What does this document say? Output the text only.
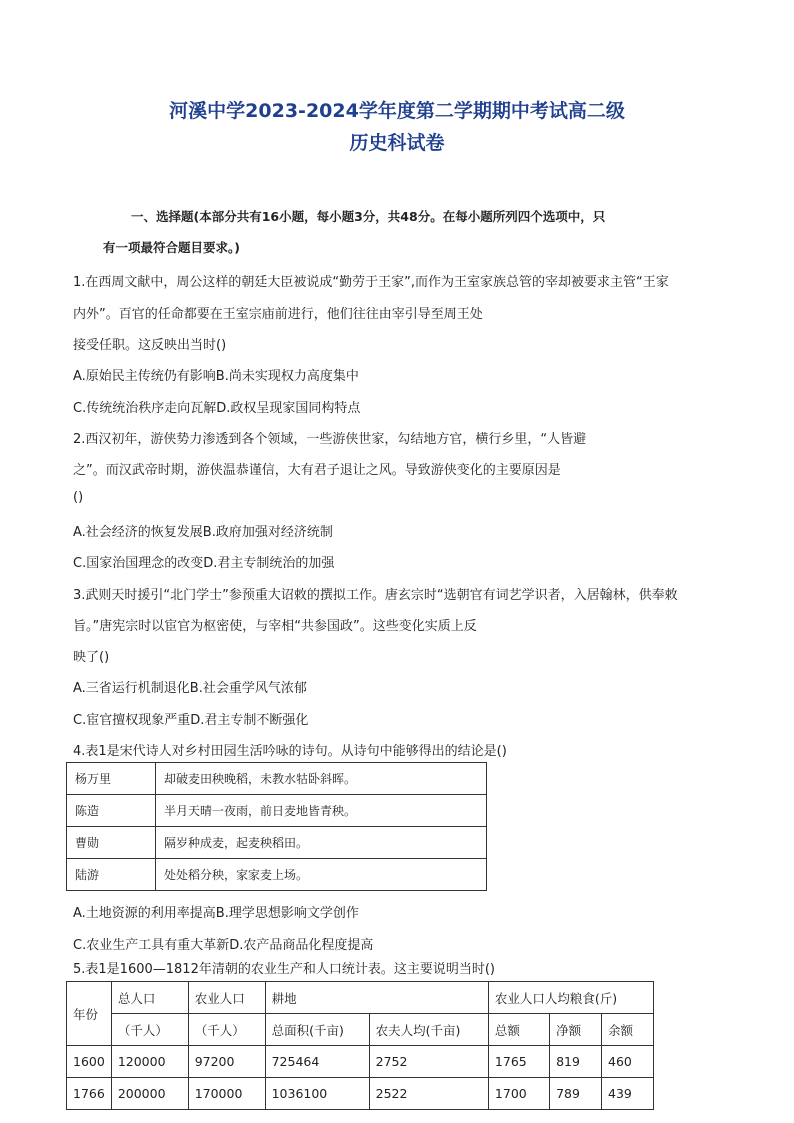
河溪中学2023-2024学年度第二学期期中考试高二级
历史科试卷
一、选择题(本部分共有16小题，每小题3分，共48分。在每小题所列四个选项中，只
有一项最符合题目要求。)
1.在西周文献中，周公这样的朝廷大臣被说成“勤劳于王家”,而作为王室家族总管的宰却被要求主管“王家
内外”。百官的任命都要在王室宗庙前进行，他们往往由宰引导至周王处
接受任职。这反映出当时()
A.原始民主传统仍有影响B.尚未实现权力高度集中
C.传统统治秩序走向瓦解D.政权呈现家国同构特点
2.西汉初年，游侠势力渗透到各个领域，一些游侠世家，勾结地方官，横行乡里，“人皆避
之”。而汉武帝时期，游侠温恭谨信，大有君子退让之风。导致游侠变化的主要原因是
()
A.社会经济的恢复发展B.政府加强对经济统制
C.国家治国理念的改变D.君主专制统治的加强
3.武则天时援引“北门学士”参预重大诏敕的撰拟工作。唐玄宗时“选朝官有词艺学识者，入居翰林，供奉敕
旨。”唐宪宗时以宦官为枢密使，与宰相“共参国政”。这些变化实质上反
映了()
A.三省运行机制退化B.社会重学风气浓郁
C.宦官擅权现象严重D.君主专制不断强化
4.表1是宋代诗人对乡村田园生活吟咏的诗句。从诗句中能够得出的结论是()
杨万里	却破麦田秧晚稻，未教水牯卧斜晖。
陈造	半月天晴一夜雨，前日麦地皆青秧。
曹勋	隔岁种成麦，起麦秧稻田。
陆游	处处稻分秧，家家麦上场。
A.土地资源的利用率提高B.理学思想影响文学创作
C.农业生产工具有重大革新D.农产品商品化程度提高
5.表1是1600—1812年清朝的农业生产和人口统计表。这主要说明当时()
年份	总人口	农业人口	耕地		农业人口人均粮食(斤)		
	（千人）	（千人）	总面积(千亩)	农夫人均(千亩)	总额	净额	余额
1600	120000	97200	725464	2752	1765	819	460
1766	200000	170000	1036100	2522	1700	789	439
